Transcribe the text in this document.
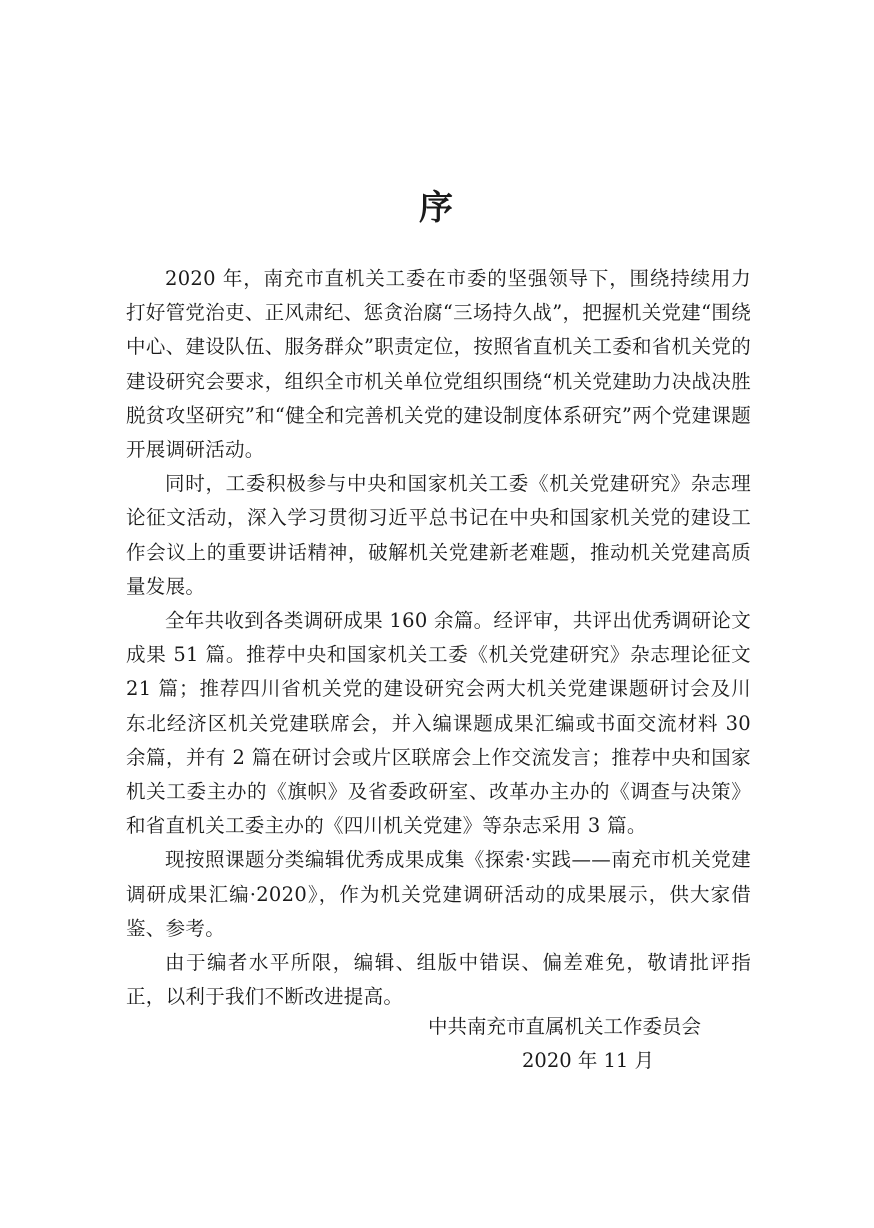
序

2020 年，南充市直机关工委在市委的坚强领导下，围绕持续用力打好管党治吏、正风肃纪、惩贪治腐“三场持久战”，把握机关党建“围绕中心、建设队伍、服务群众”职责定位，按照省直机关工委和省机关党的建设研究会要求，组织全市机关单位党组织围绕“机关党建助力决战决胜脱贫攻坚研究”和“健全和完善机关党的建设制度体系研究”两个党建课题开展调研活动。

同时，工委积极参与中央和国家机关工委《机关党建研究》杂志理论征文活动，深入学习贯彻习近平总书记在中央和国家机关党的建设工作会议上的重要讲话精神，破解机关党建新老难题，推动机关党建高质量发展。

全年共收到各类调研成果 160 余篇。经评审，共评出优秀调研论文成果 51 篇。推荐中央和国家机关工委《机关党建研究》杂志理论征文 21 篇；推荐四川省机关党的建设研究会两大机关党建课题研讨会及川东北经济区机关党建联席会，并入编课题成果汇编或书面交流材料 30 余篇，并有 2 篇在研讨会或片区联席会上作交流发言；推荐中央和国家机关工委主办的《旗帜》及省委政研室、改革办主办的《调查与决策》和省直机关工委主办的《四川机关党建》等杂志采用 3 篇。

现按照课题分类编辑优秀成果成集《探索·实践——南充市机关党建调研成果汇编·2020》，作为机关党建调研活动的成果展示，供大家借鉴、参考。

由于编者水平所限，编辑、组版中错误、偏差难免，敬请批评指正，以利于我们不断改进提高。

中共南充市直属机关工作委员会
2020 年 11 月
